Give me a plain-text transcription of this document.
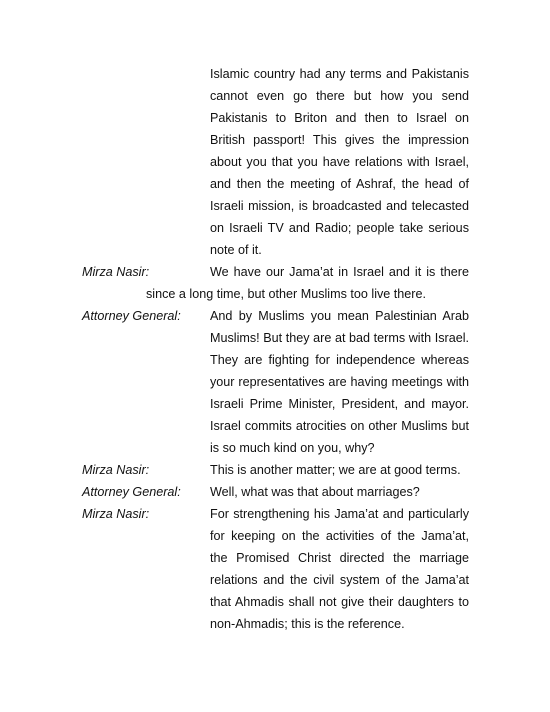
Islamic country had any terms and Pakistanis
cannot even go there but how you send
Pakistanis to Briton and then to Israel on
British passport! This gives the impression
about you that you have relations with Israel,
and then the meeting of Ashraf, the head of
Israeli mission, is broadcasted and telecasted
on Israeli TV and Radio; people take serious
note of it.
Mirza Nasir:	We have our Jama’at in Israel and it is there
since a long time, but other Muslims too live there.
Attorney General: And by Muslims you mean Palestinian Arab
Muslims! But they are at bad terms with Israel.
They are fighting for independence whereas
your representatives are having meetings with
Israeli Prime Minister, President, and mayor.
Israel commits atrocities on other Muslims but
is so much kind on you, why?
Mirza Nasir:	This is another matter; we are at good terms.
Attorney General: Well, what was that about marriages?
Mirza Nasir:	For strengthening his Jama’at and particularly
for keeping on the activities of the Jama’at,
the Promised Christ directed the marriage
relations and the civil system of the Jama’at
that Ahmadis shall not give their daughters to
non-Ahmadis; this is the reference.
